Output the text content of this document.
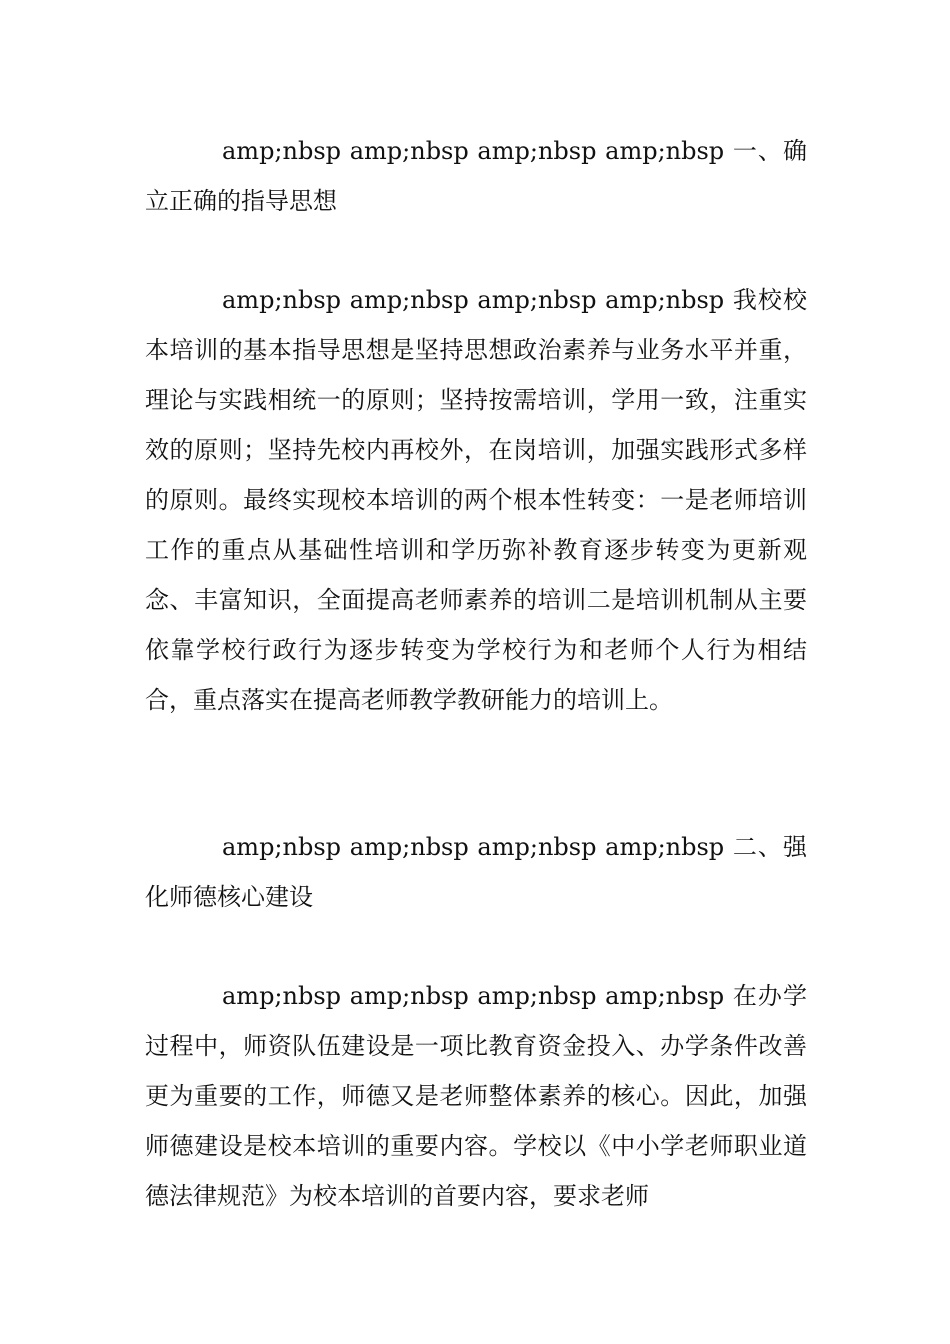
amp;nbsp amp;nbsp amp;nbsp amp;nbsp 一、确立正确的指导思想

amp;nbsp amp;nbsp amp;nbsp amp;nbsp 我校校本培训的基本指导思想是坚持思想政治素养与业务水平并重，理论与实践相统一的原则；坚持按需培训，学用一致，注重实效的原则；坚持先校内再校外，在岗培训，加强实践形式多样的原则。最终实现校本培训的两个根本性转变：一是老师培训工作的重点从基础性培训和学历弥补教育逐步转变为更新观念、丰富知识，全面提高老师素养的培训二是培训机制从主要依靠学校行政行为逐步转变为学校行为和老师个人行为相结合，重点落实在提高老师教学教研能力的培训上。

amp;nbsp amp;nbsp amp;nbsp amp;nbsp 二、强化师德核心建设

amp;nbsp amp;nbsp amp;nbsp amp;nbsp 在办学过程中，师资队伍建设是一项比教育资金投入、办学条件改善更为重要的工作，师德又是老师整体素养的核心。因此，加强师德建设是校本培训的重要内容。学校以《中小学老师职业道德法律规范》为校本培训的首要内容，要求老师
